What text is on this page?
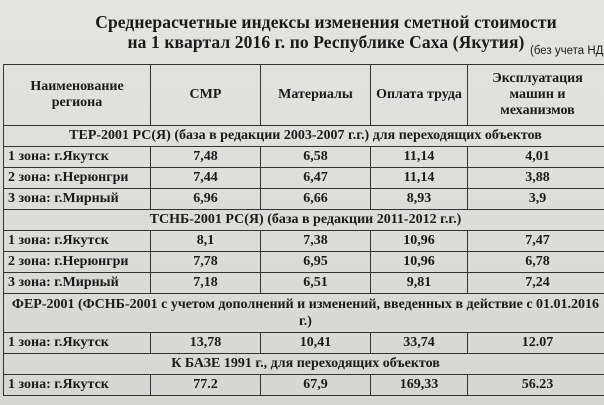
Среднерасчетные индексы изменения сметной стоимости
на 1 квартал 2016 г. по Республике Саха (Якутия) (без учета НД
Наименование региона	СМР	Материалы	Оплата труда	Эксплуатация машин и механизмов
ТЕР-2001 РС(Я) (база в редакции 2003-2007 г.г.) для переходящих объектов				
1 зона: г.Якутск	7,48	6,58	11,14	4,01
2 зона: г.Нерюнгри	7,44	6,47	11,14	3,88
3 зона: г.Мирный	6,96	6,66	8,93	3,9
ТСНБ-2001 РС(Я) (база в редакции 2011-2012 г.г.)				
1 зона: г.Якутск	8,1	7,38	10,96	7,47
2 зона: г.Нерюнгри	7,78	6,95	10,96	6,78
3 зона: г.Мирный	7,18	6,51	9,81	7,24
ФЕР-2001 (ФСНБ-2001 с учетом дополнений и изменений, введенных в действие с 01.01.2016 г.)				
1 зона: г.Якутск	13,78	10,41	33,74	12.07
К БАЗЕ 1991 г., для переходящих объектов				
1 зона: г.Якутск	77.2	67,9	169,33	56.23
